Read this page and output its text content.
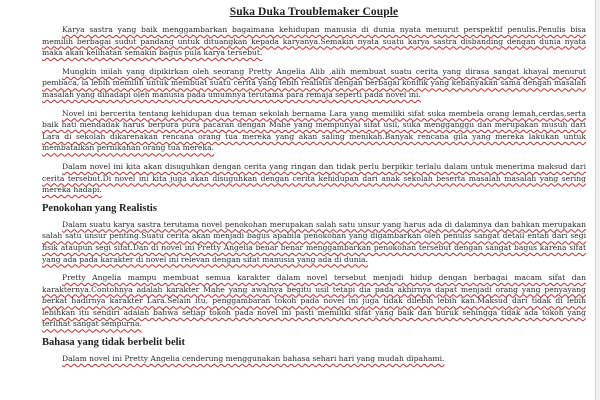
Suka Duka Troublemaker Couple

Karya sastra yang baik menggambarkan bagaimana kehidupan manusia di dunia nyata menurut perspektif penulis.Penulis bisa memilih berbagai sudut pandang untuk dituangkan kepada karyanya.Semakin nyata suatu karya sastra disbanding dengan dunia nyata maka akan kelihatan semakin bagus pula karya tersebut.

Mungkin inilah yang dipikirkan oleh seorang Pretty Angelia Alib ,alih membuat suatu cerita yang dirasa sangat khayal menurut pembaca, ia lebih memilih untuk membuat suatu cerita yang lebih realistis dengan berbagai konflik yang kebanyakan sama dengan masalah masalah yang dihadapi oleh manusia pada umumnya terutama para remaja seperti pada novel ini.

Novel ini bercerita tentang kehidupan dua teman sekolah bernama Lara yang memiliki sifat suka membela orang lemah,cerdas,serta baik hati mendadak harus berpura pura pacaran dengan Mahe yang mempunyai sifat usil, suka mengganggu dan merupakan musuh dari Lara di sekolah dikarenakan rencana orang tua mereka yang akan saling menikah.Banyak rencana gila yang mereka lakukan untuk membatalkan pernikahan orang tua mereka.

Dalam novel ini kita akan disuguhkan dengan cerita yang ringan dan tidak perlu berpikir terlalu dalam untuk menerima maksud dari cerita tersebut.Di novel ini kita juga akan disuguhkan dengan cerita kehidupan dari anak sekolah beserta masalah masalah yang sering mereka hadapi.

Penokohan yang Realistis

Dalam suatu karya sastra terutama novel penokohan merupakan salah satu unsur yang harus ada di dalamnya dan bahkan merupakan salah satu unsur penting.Suatu cerita akan menjadi bagus apabila penokohan yang digambarkan oleh penulis sangat detail entah dari segi fisik ataupun segi sifat.Dan di novel ini Pretty Angelia benar benar menggambarkan penokohan tersebut dengan sangat bagus karena sifat yang ada pada karakter di novel ini relevan dengan sifat manusia yang ada di dunia.

Pretty Angelia mampu membuat semua karakter dalam novel tersebut menjadi hidup dengan berbagai macam sifat dan karakternya.Contohnya adalah karakter Mahe yang awalnya begitu usil tetapi dia pada akhirnya dapat menjadi orang yang penyayang berkat hadirnya karakter Lara.Selain itu, penggambaran tokoh pada novel ini juga tidak dilebih lebih kan.Maksud dari tidak di lebih lebihkan itu sendiri adalah bahwa setiap tokoh pada novel ini pasti memiliki sifat yang baik dan buruk sehingga tidak ada tokoh yang terlihat sangat sempurna.

Bahasa yang tidak berbelit belit

Dalam novel ini Pretty Angelia cenderung menggunakan bahasa sehari hari yang mudah dipahami.
